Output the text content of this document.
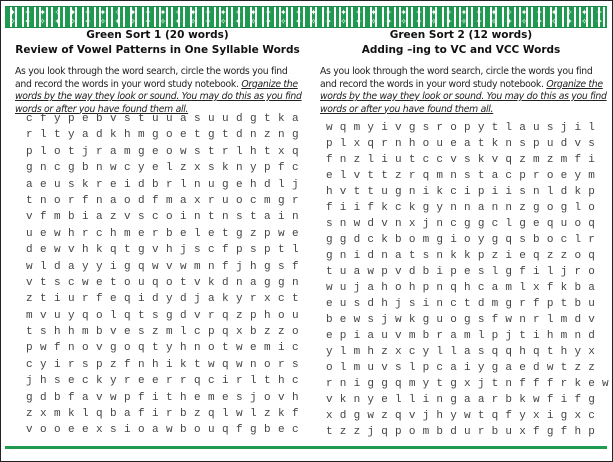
✦ ✧ ✦ ✧ ✦ ✧ ✦ ✧ ✦ ✧ ✦ ✧ ✦ ✧ ✦ ✧ ✦ ✧ ✦ ✧ ✦ ✧ ✦ ✧ ✦ ✧ ✦ ✧ ✦ ✧ ✦ ✧ ✦ ✧ ✦ ✧ ✦ ✧ ✦ ✧
✧ ✦ ✧ ✦ ✧ ✦ ✧ ✦ ✧ ✦ ✧ ✦ ✧ ✦ ✧ ✦ ✧ ✦ ✧ ✦ ✧ ✦ ✧ ✦ ✧ ✦ ✧ ✦ ✧ ✦ ✧ ✦ ✧ ✦ ✧ ✦ ✧ ✦ ✧ ✦
Green Sort 1 (20 words)
Review of Vowel Patterns in One Syllable Words
As you look through the word search, circle the words you find and record the words in your word study notebook. Organize the words by the way they look or sound. You may do this as you find words or after you have found them all.
Green Sort 2 (12 words)
Adding –ing to VC and VCC Words
As you look through the word search, circle the words you find and record the words in your word study notebook. Organize the words by the way they look or sound. You may do this as you find words or after you have found them all.
c f y p e b v s t u u a s u u d g t k a
r l t y a d k h m g o e t g t d n z n g
p l o t j r a m g e o w s t r l h t x q
g n c g b n w c y e l z x s k n y p f c
a e u s k r e i d b r l n u g e h d l j
t n o r f n a o d f m a x r u o c m g r
v f m b i a z v s c o i n t n s t a i n
u e w h r c h m e r b e l e t g z p w e
d e w v h k q t g v h j s c f p s p t l
w l d a y y i g q w v w m n f j h g s f
v t s c w e t o u q o t v k d n a g g n
z t i u r f e q i d y d j a k y r x c t
m v u y q o l q t s g d v r q z p h o u
t s h h m b v e s z m l c p q x b z z o
p w f n o v g o q t y h n o t w e m i c
c y i r s p z f n h i k t w q w n o r s
j h s e c k y r e e r r q c i r l t h c
g d b f a v w p f i t h e m e s j o v h
z x m k l q b a f i r b z q l w l z k f
v o o e e x s i o a w b o u q f g b e c
w q m y i v g s r o p y t l a u s j i l
p l x q r n h o u e a t k n s p u d v s
f n z l i u t c c v s k v q z m z m f i
e l v t t z r q m n s t a c p r o e y m
h v t t u g n i k c i p i i s n l d k p
f i i f k c k g y n n a n n z g o g l o
s n w d v n x j n c g g c l g e q u o q
g g d c k b o m g i o y g q s b o c l r
g n i d n a t s n k k p z i e q z z o q
t u a w p v d b i p e s l g f i l j r o
w u j a h o h p n q h c a m l x f k b a
e u s d h j s i n c t d m g r f p t b u
b e w s j w k g u o g s f w n r l m d v
e p i a u v m b r a m l p j t i h m n d
y l m h z x c y l l a s q q h q t h y x
o l m u v s l p c a i y g a e d w t z z
r n i g g q m y t g x j t n f f f r k e w
v k n y e l l i n g a a r b k w f i f g
x d g w z q v j h y w t q f y x i g x c
t z z j q p o m b d u r b u x f g f h p
